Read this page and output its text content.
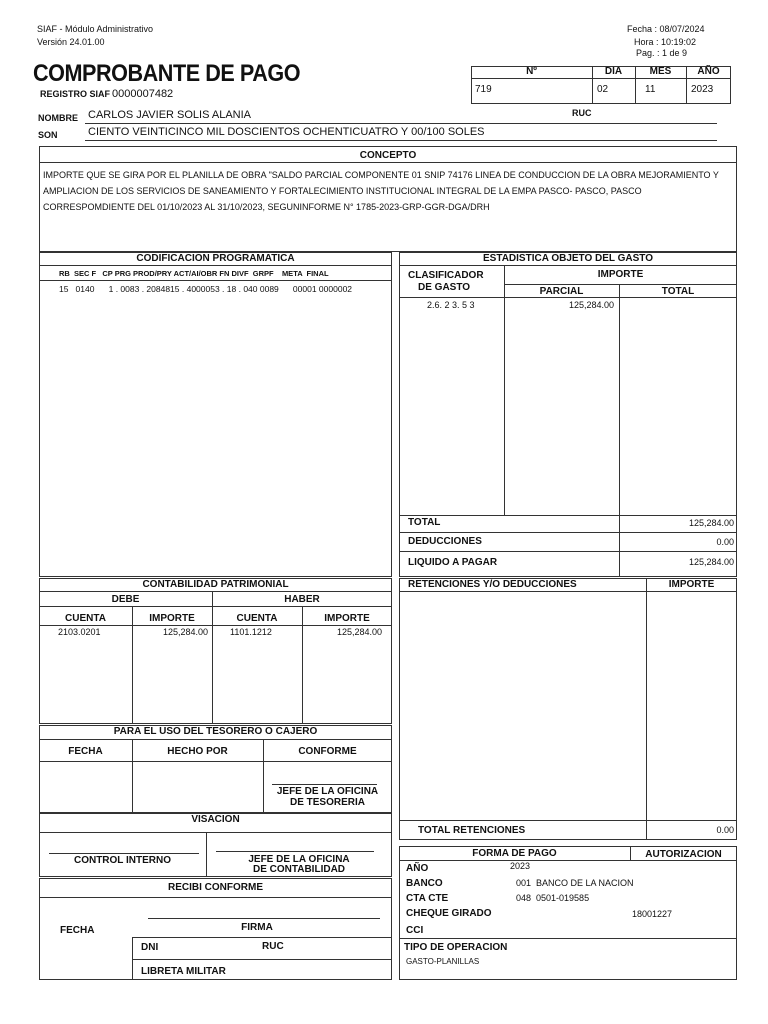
SIAF - Módulo Administrativo
Versión 24.01.00
Fecha : 08/07/2024
Hora : 10:19:02
Pag. : 1 de 9
COMPROBANTE DE PAGO
REGISTRO SIAF 0000007482
Nº	DIA	MES	AÑO
719	02	11	2023
NOMBRE CARLOS JAVIER SOLIS ALANIA	RUC
SON	CIENTO VEINTICINCO MIL DOSCIENTOS OCHENTICUATRO Y 00/100 SOLES
CONCEPTO
IMPORTE QUE SE GIRA POR EL PLANILLA DE OBRA "SALDO PARCIAL COMPONENTE 01 SNIP 74176 LINEA DE CONDUCCION DE LA OBRA MEJORAMIENTO Y AMPLIACION DE LOS SERVICIOS DE SANEAMIENTO Y FORTALECIMIENTO INSTITUCIONAL INTEGRAL DE LA EMPA PASCO- PASCO, PASCO CORRESPOMDIENTE DEL 01/10/2023 AL 31/10/2023, SEGUNINFORME N° 1785-2023-GRP-GGR-DGA/DRH
CODIFICACION PROGRAMATICA
RB  SEC F   CP PRG PROD/PRY ACT/AI/OBR FN DIVF  GRPF    META  FINAL
15   0140      1 . 0083 . 2084815 . 4000053 . 18 . 040 0089      00001 0000002
ESTADISTICA OBJETO DEL GASTO
CLASIFICADOR
DE GASTO
IMPORTE
PARCIAL	TOTAL
2.6. 2 3. 5 3	125,284.00
TOTAL	125,284.00
DEDUCCIONES	0.00
LIQUIDO A PAGAR	125,284.00
CONTABILIDAD PATRIMONIAL
DEBE	HABER
CUENTA	IMPORTE	CUENTA	IMPORTE
2103.0201	125,284.00 1101.1212	125,284.00
RETENCIONES Y/O DEDUCCIONES	IMPORTE
TOTAL RETENCIONES	0.00
PARA EL USO DEL TESORERO O CAJERO
FECHA	HECHO POR	CONFORME
JEFE DE LA OFICINA
DE TESORERIA
VISACION
CONTROL INTERNO	JEFE DE LA OFICINA
DE CONTABILIDAD
RECIBI CONFORME
FIRMA
FECHA
DNI	RUC
LIBRETA MILITAR
FORMA DE PAGO	AUTORIZACION
AÑO	2023
BANCO	001  BANCO DE LA NACION
CTA CTE	048  0501-019585
CHEQUE GIRADO	18001227
CCI
TIPO DE OPERACION
GASTO-PLANILLAS
